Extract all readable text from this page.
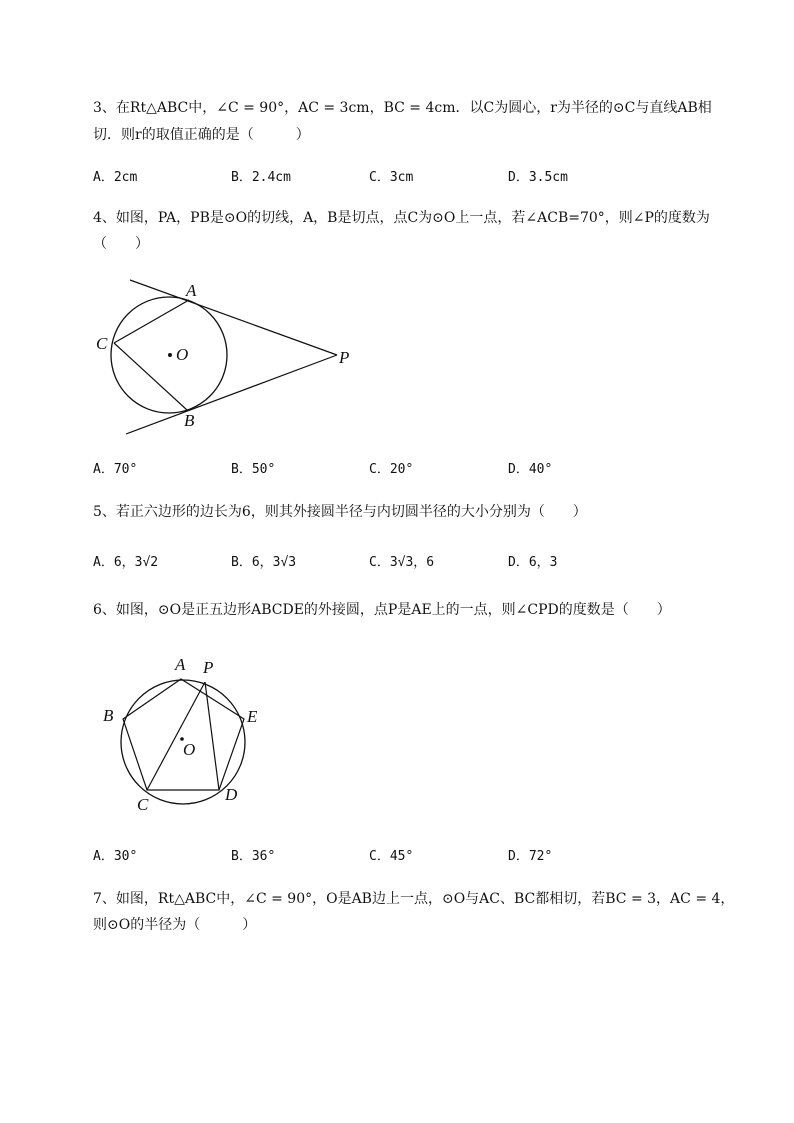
3、在Rt△ABC中，∠C = 90°，AC = 3cm，BC = 4cm．以C为圆心，r为半径的⊙C与直线AB相
切．则r的取值正确的是（　　　）
A．2cm	B．2.4cm	C．3cm	D．3.5cm
4、如图，PA，PB是⊙O的切线，A，B是切点，点C为⊙O上一点，若∠ACB=70°，则∠P的度数为
（　　）
A
B
C
O	P
A．70°	B．50°	C．20°	D．40°
5、若正六边形的边长为6，则其外接圆半径与内切圆半径的大小分别为（　　）
A．6，3√2	B．6，3√3	C．3√3，6	D．6，3
6、如图，⊙O是正五边形ABCDE的外接圆，点P是AE上的一点，则∠CPD的度数是（　　）
A P
B	E
O
C
D
A．30°	B．36°	C．45°	D．72°
7、如图，Rt△ABC中，∠C = 90°，O是AB边上一点，⊙O与AC、BC都相切，若BC = 3，AC = 4，
则⊙O的半径为（　　　）
